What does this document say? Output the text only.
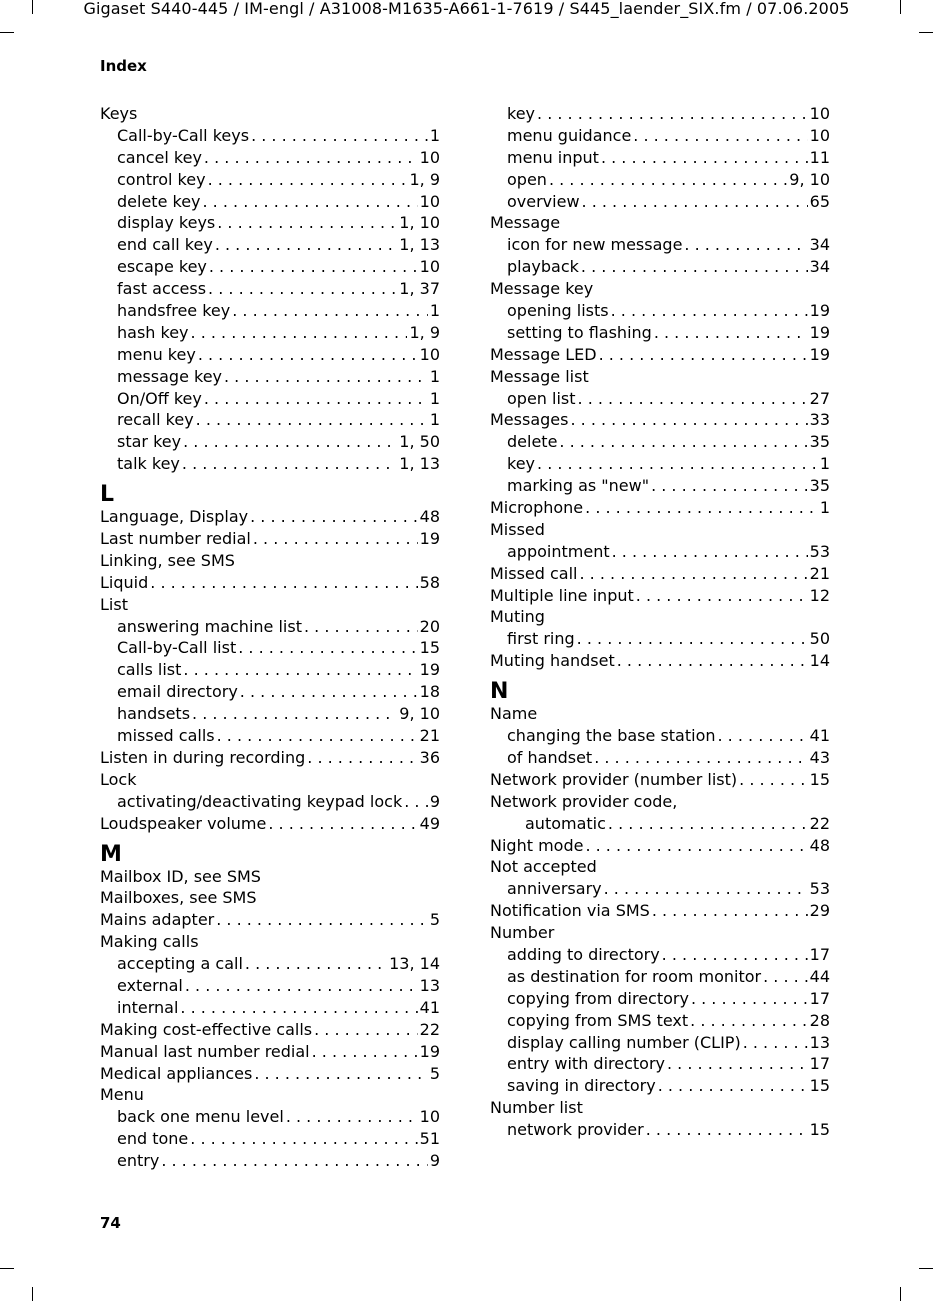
Gigaset S440-445 / IM-engl / A31008-M1635-A661-1-7619 / S445_laender_SIX.fm / 07.06.2005
Index
Keys
Call-by-Call keys . . .	1
cancel key . . .	10
control key . . .	1, 9
delete key . . .	10
display keys . . .	1, 10
end call key . . .	1, 13
escape key . . .	10
fast access . . .	1, 37
handsfree key . . .	1
hash key . . .	1, 9
menu key . . .	10
message key . . .	1
On/Off key . . .	1
recall key . . .	1
star key . . .	1, 50
talk key . . .	1, 13
L
Language, Display . . .	48
Last number redial . . .	19
Linking, see SMS
Liquid . . .	58
List
answering machine list . . .	20
Call-by-Call list . . .	15
calls list . . .	19
email directory . . .	18
handsets . . .	9, 10
missed calls . . .	21
Listen in during recording . . .	36
Lock
activating/deactivating keypad lock . . . 9
Loudspeaker volume . . .	49
M
Mailbox ID, see SMS
Mailboxes, see SMS
Mains adapter . . .	5
Making calls
accepting a call . . .	13, 14
external . . .	13
internal . . .	41
Making cost-effective calls . . .	22
Manual last number redial . . .	19
Medical appliances . . .	5
Menu
back one menu level . . .	10
end tone . . .	51
entry . . .	9
key . . .	10
menu guidance . . .	10
menu input . . .	11
open . . .	9, 10
overview . . .	65
Message
icon for new message . . .	34
playback . . .	34
Message key
opening lists . . .	19
setting to flashing . . .	19
Message LED . . .	19
Message list
open list . . .	27
Messages . . .	33
delete . . .	35
key . . .	1
marking as "new" . . .	35
Microphone . . .	1
Missed
appointment . . .	53
Missed call . . .	21
Multiple line input . . .	12
Muting
first ring . . .	50
Muting handset . . .	14
N
Name
changing the base station . . .	41
of handset . . .	43
Network provider (number list) . . .	15
Network provider code,
automatic . . .	22
Night mode . . .	48
Not accepted
anniversary . . .	53
Notification via SMS . . .	29
Number
adding to directory . . .	17
as destination for room monitor . . .	44
copying from directory . . .	17
copying from SMS text . . .	28
display calling number (CLIP) . . .	13
entry with directory . . .	17
saving in directory . . .	15
Number list
network provider . . .	15
74
